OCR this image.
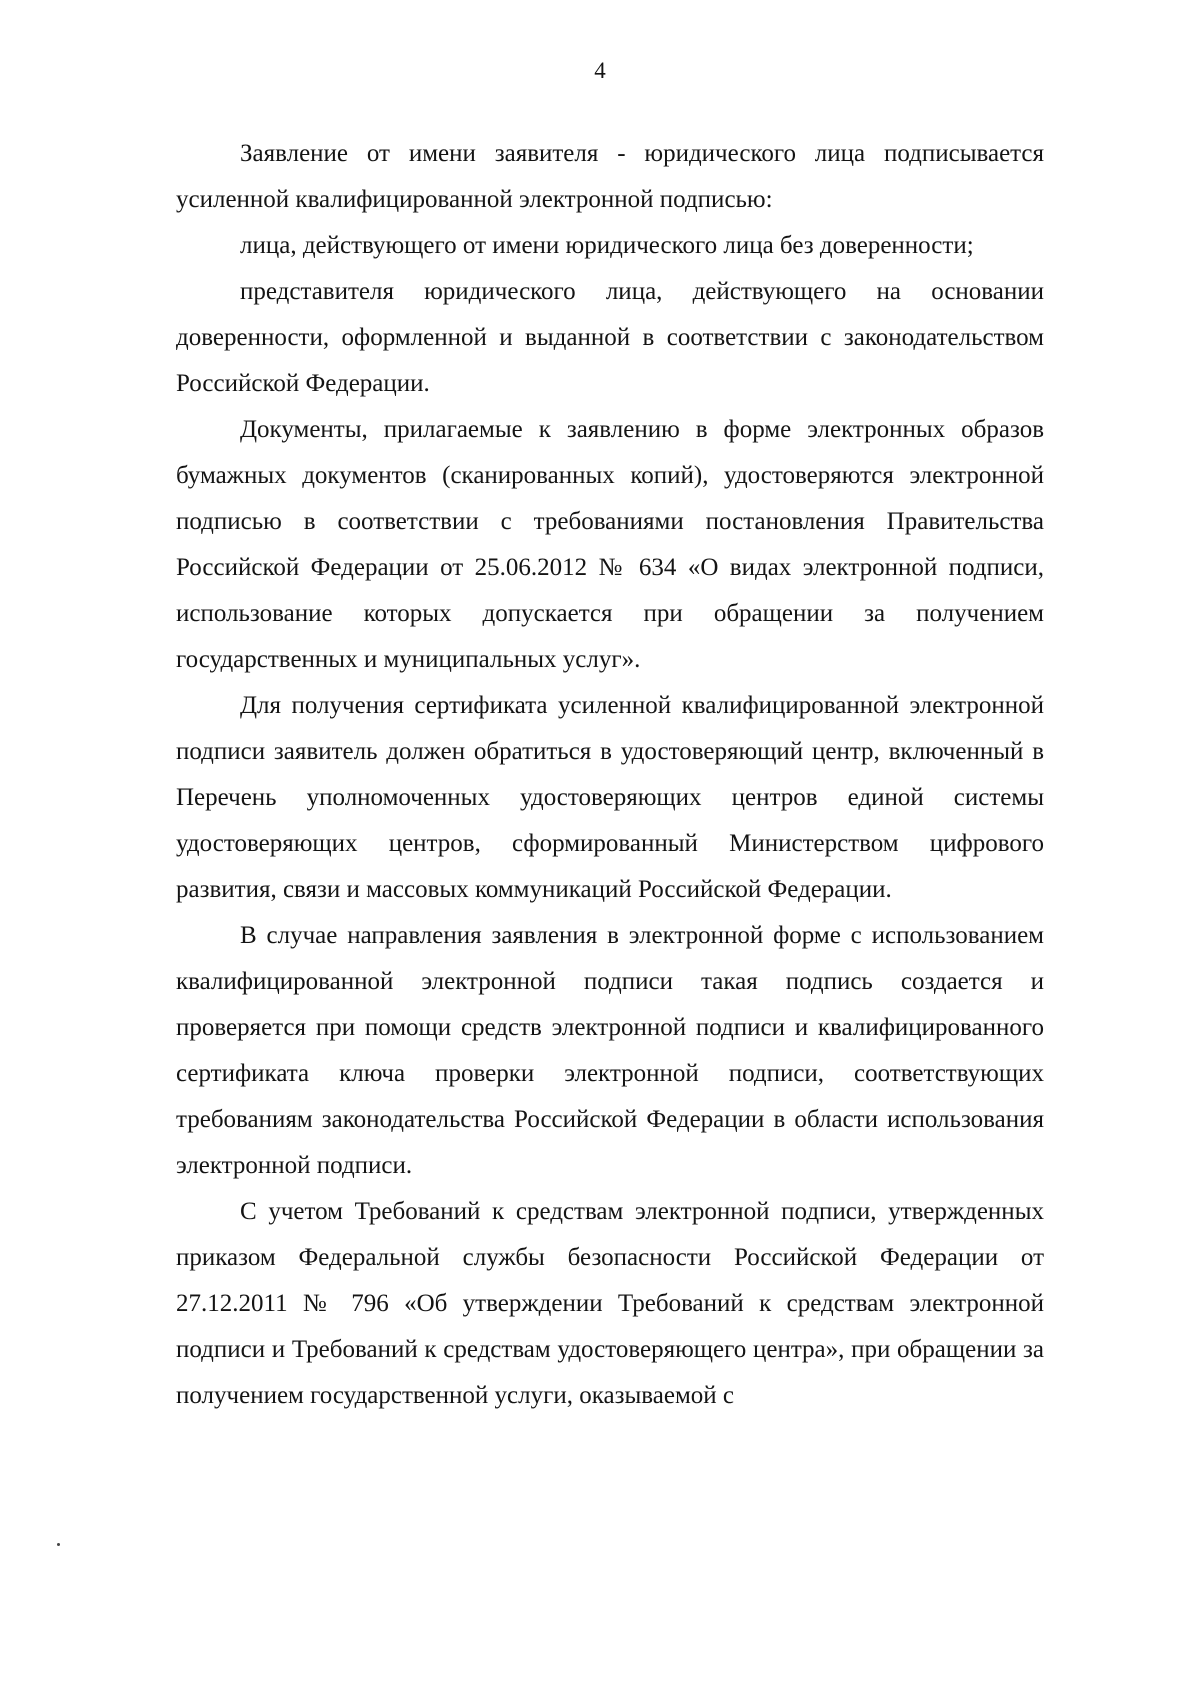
4

Заявление от имени заявителя - юридического лица подписывается усиленной квалифицированной электронной подписью:

лица, действующего от имени юридического лица без доверенности;

представителя юридического лица, действующего на основании доверенности, оформленной и выданной в соответствии с законодательством Российской Федерации.

Документы, прилагаемые к заявлению в форме электронных образов бумажных документов (сканированных копий), удостоверяются электронной подписью в соответствии с требованиями постановления Правительства Российской Федерации от 25.06.2012 № 634 «О видах электронной подписи, использование которых допускается при обращении за получением государственных и муниципальных услуг».

Для получения сертификата усиленной квалифицированной электронной подписи заявитель должен обратиться в удостоверяющий центр, включенный в Перечень уполномоченных удостоверяющих центров единой системы удостоверяющих центров, сформированный Министерством цифрового развития, связи и массовых коммуникаций Российской Федерации.

В случае направления заявления в электронной форме с использованием квалифицированной электронной подписи такая подпись создается и проверяется при помощи средств электронной подписи и квалифицированного сертификата ключа проверки электронной подписи, соответствующих требованиям законодательства Российской Федерации в области использования электронной подписи.

С учетом Требований к средствам электронной подписи, утвержденных приказом Федеральной службы безопасности Российской Федерации от 27.12.2011 № 796 «Об утверждении Требований к средствам электронной подписи и Требований к средствам удостоверяющего центра», при обращении за получением государственной услуги, оказываемой с
